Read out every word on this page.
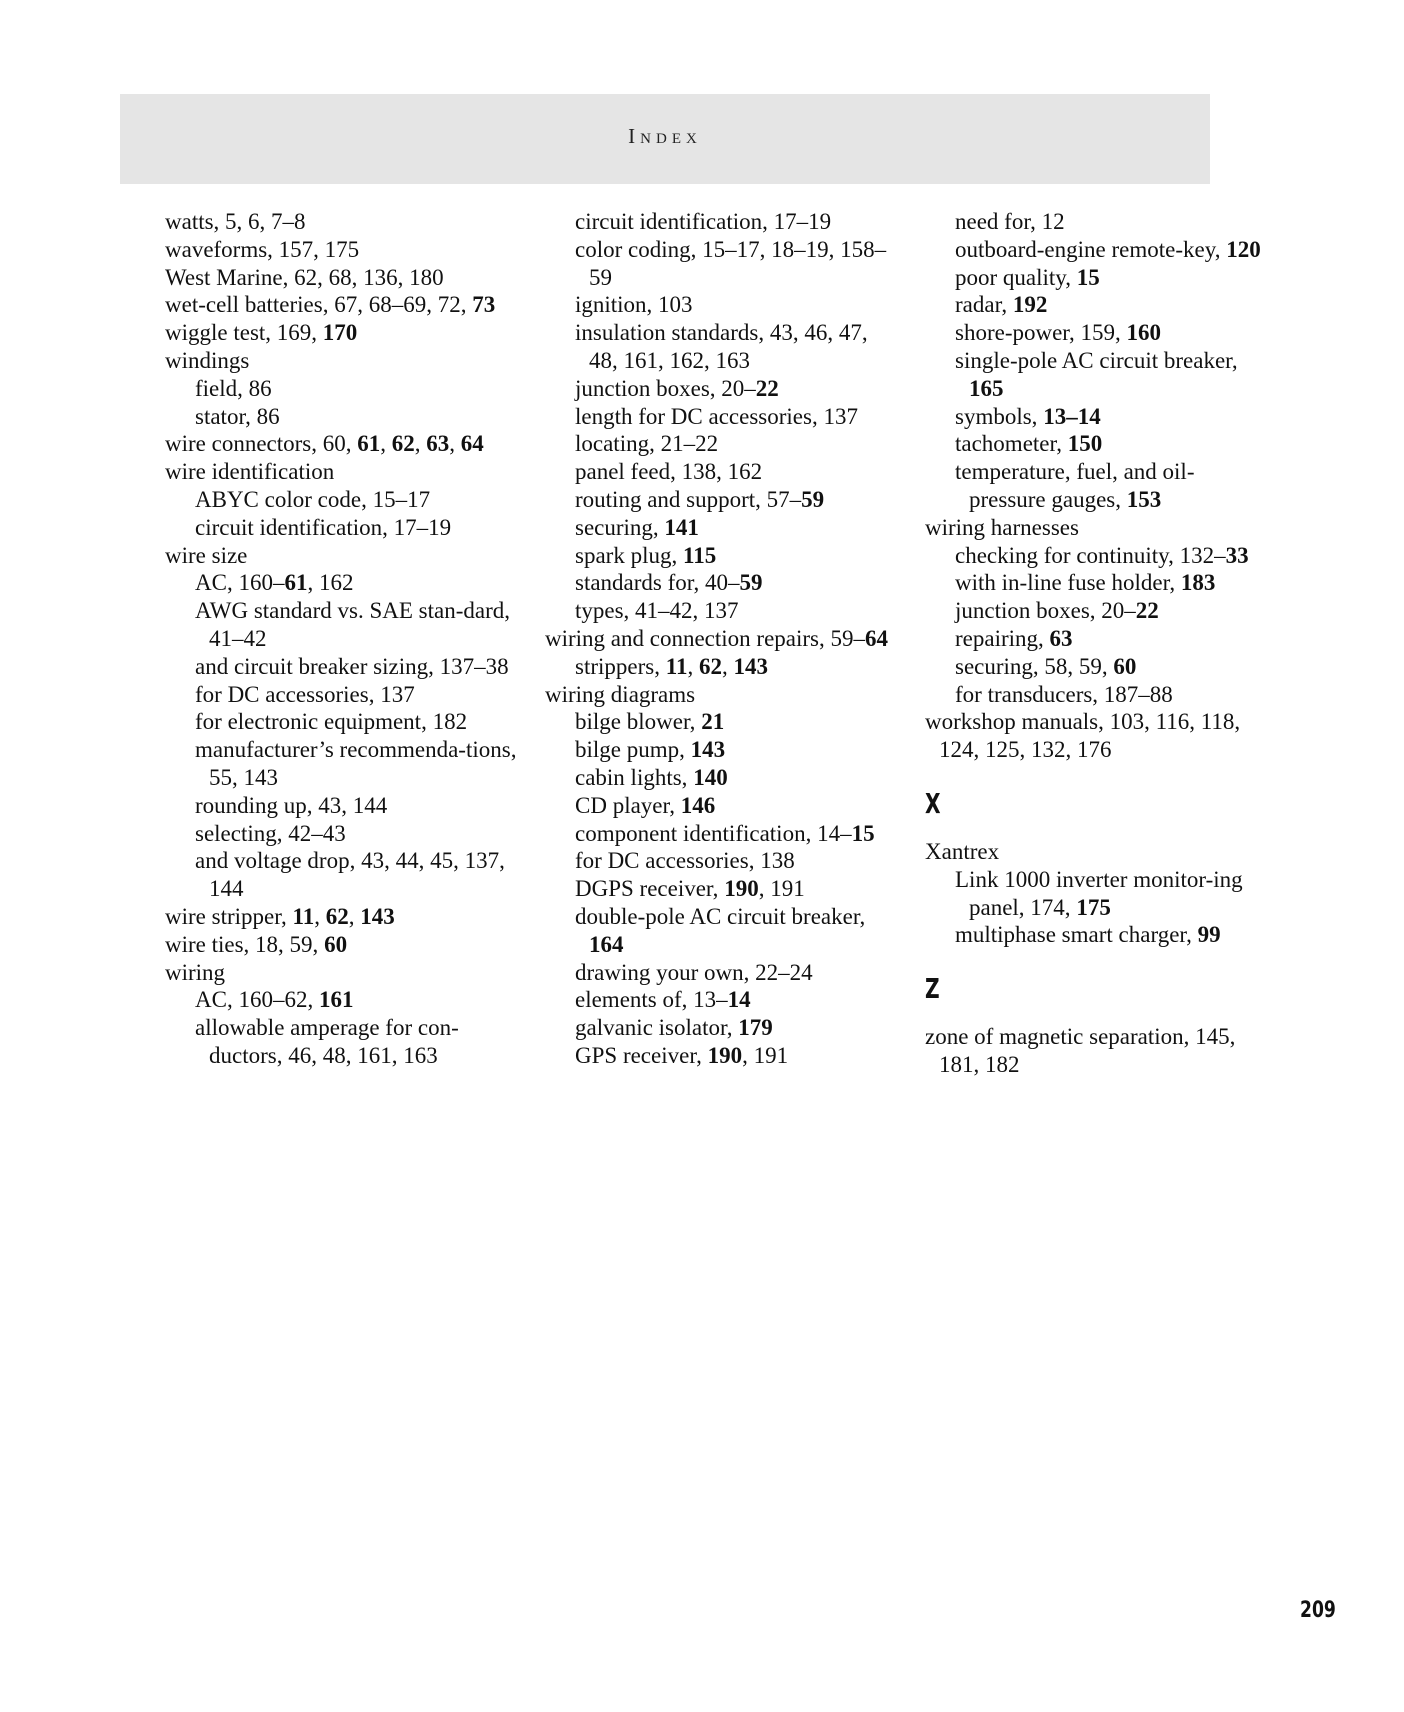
Index
watts, 5, 6, 7–8
waveforms, 157, 175
West Marine, 62, 68, 136, 180
wet-cell batteries, 67, 68–69, 72, 73
wiggle test, 169, 170
windings
field, 86
stator, 86
wire connectors, 60, 61, 62, 63, 64
wire identification
ABYC color code, 15–17
circuit identification, 17–19
wire size
AC, 160–61, 162
AWG standard vs. SAE stan-dard, 41–42
and circuit breaker sizing, 137–38
for DC accessories, 137
for electronic equipment, 182
manufacturer’s recommenda-tions, 55, 143
rounding up, 43, 144
selecting, 42–43
and voltage drop, 43, 44, 45, 137, 144
wire stripper, 11, 62, 143
wire ties, 18, 59, 60
wiring
AC, 160–62, 161
allowable amperage for con-ductors, 46, 48, 161, 163
circuit identification, 17–19
color coding, 15–17, 18–19, 158–59
ignition, 103
insulation standards, 43, 46, 47, 48, 161, 162, 163
junction boxes, 20–22
length for DC accessories, 137
locating, 21–22
panel feed, 138, 162
routing and support, 57–59
securing, 141
spark plug, 115
standards for, 40–59
types, 41–42, 137
wiring and connection repairs, 59–64
strippers, 11, 62, 143
wiring diagrams
bilge blower, 21
bilge pump, 143
cabin lights, 140
CD player, 146
component identification, 14–15
for DC accessories, 138
DGPS receiver, 190, 191
double-pole AC circuit breaker, 164
drawing your own, 22–24
elements of, 13–14
galvanic isolator, 179
GPS receiver, 190, 191
need for, 12
outboard-engine remote-key, 120
poor quality, 15
radar, 192
shore-power, 159, 160
single-pole AC circuit breaker, 165
symbols, 13–14
tachometer, 150
temperature, fuel, and oil-pressure gauges, 153
wiring harnesses
checking for continuity, 132–33
with in-line fuse holder, 183
junction boxes, 20–22
repairing, 63
securing, 58, 59, 60
for transducers, 187–88
workshop manuals, 103, 116, 118, 124, 125, 132, 176
X
Xantrex
Link 1000 inverter monitor-ing panel, 174, 175
multiphase smart charger, 99
Z
zone of magnetic separation, 145, 181, 182
209
